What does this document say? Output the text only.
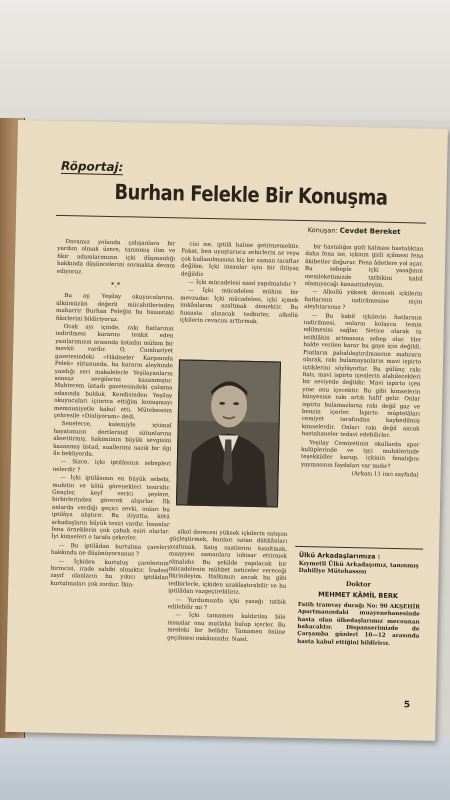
Röportaj:
Burhan Felekle Bir Konuşma
Konuşan: Cevdet Bereket

Davamız yolunda çalışanlara bir yardım olmak üzere, tanınmış ilim ve fikir adamlarımızın içki düşmanlığı hakkında düşüncelerini sormakta devam ediyoruz.

*.*

Bu ay, Yeşilay okuyucularına, ülkümüzün değerli mücahitlerinden muharrir Burhan Feleğin bu husustaki fikirlerini bildiriyoruz.

Ocak ayı içinde, rakı fiatlarının indirilmesi kararını tenkit eden yazılarımızın arasında üstadın mühim bir mevkii vardır. O, Cumhuriyet gazetesindeki «Hâdiseler Karşısında Felek» sütununda, bu kararın aleyhinde yazdığı seri makalelerle Yeşilayanların sonsuz sevgilerini kazanmıştır. Muhterem üstadı gazetesindeki çalışma odasında bulduk. Kendisinden Yeşilay okuyucuları içinrica ettiğim konuşmayı memnuniyetle kabul etti. Mütebessim çehresile «Dinliyorum» dedi.

Senelerce, kalemiyle içtimaî hayatımızın dertlerinid sütunlarına aksettirmiş, hakimiinin büyük sevgisini kazanmış üstad, suallerimi nazik bir ilgi ile bekliyordu.

— Sizce, içki iptilâsının sebepleri nelerdir ?

— İçki iptilâsının en büyük sebebi, muhitin ve kötü görenekleri tesiridir. Gençler, keyf verici şeylere, birbirlerinden görerek alışırlar. İlk anlarda verdiği geçici zevki, onları bu iptilâya alıştırır. Bu itiyatta, kötü arkadaşların büyük tesiri vardır. İnsanlar fena örneklerin çok çabuk esiri olurlar. İyi kimseleri o tarafa çekerler.

— Bu iptilâdan kurtulma çareleri hakkında ne düşünüyorsunuz ?

— İçkiden kurtuluş çarelerinin birincisi, irade sahibi olmaktır. İradesi zayıf olanların bu yıkıcı iptilâdan kurtulmaları çok zordur. İkin-

cisi ise, iptilâ haline getirmemektir. Fakat, ben uyuşturucu zehirlerin az veya çok kullanılmasına hiç bir zaman taraftar değilim. İçki insanlar için bir ihtiyaç değildir.

— İçki mücadelesi nasıl yapılmalıdır ?

— İçki mücadelesi mühim bir mevzudur. İçki mücadelesi, içki içmek imkânlarını azaltmak demektir. Bu hususta alınacak tedbirler, alkollü içkilerin revacını arttırmak,

alkol derecesi yüksek içkilerin satışını güçleştirmek, bunları satan dükkânları azaltmak. Satış saatlerini kısaltmak, muayyen zamanlara inhisar ettirmek olmalıdır. Bu şekilde yapılacak bir mücadelenin mühbet neticeler vereceği fikrindeyim. Halkımızı ancak bu gibi tedbirlerle, içkiden uzaklaştırabilir ve bu iptilâdan vazgeçirebiliriz.

— Yurdumuzda içki yasağı tatbik edilebilir mi ?

— İçki tamamen kaldırılsa bile insanlar onu mutlaka bulup içerler. Bu mesleki bir belâdır. Tamamen önüne geçilmesi imkânsızdır. Nasıl,

bir hastalığın gizli kalması hastalıktan daha fena ise, içkinin gizli içilmesi fena âkibetler doğurur. Fena âdetlere yol açar. Bu sebeple içki yasağının memleketimizde tatbikini kabil olamıyacağı kanaatindeyim.

— Alkollü yüksek dereceli içkilerin fiatlarının indirilmesine niçin aleyhtarsınız ?

— Bu kabil içkilerin fiatlarının indirilmesi, onların kolayca temin edilmesini sağlar. Netice olarak ta istihlâkin artmasına sebep olur. Her halde verilen karar bu gaye için değildi. Fiatların pahalılaştırılmasının mahzuru olarak, rakı bulamayanların mavi ispirto içtiklerini söylüyorlar. Bu gülünç rakı fiatı, mavi ispirto içenlerin alabilecekleri bir seviyede değildir. Mavi ispirto içen yine onu içecektir. Bu gibi kimselerin bünyesine rakı artık hafif gelir. Onlar ispirto bulamazlarsa rakı değil gaz ve benzin içerler. İspirto müptelâları cemiyet tarafından kaybedilmiş kimselerdir. Onları rakı değil ancak hastahaneler tedavi edebilirler.

Yeşilay Cemiyetinin okullarda spor kulüplerinde ve işçi muhitlerinde teşekküller kurup, içkinin fenalığını yaymasının faydaları var mıdır?

(Arkası 11 inci sayfada)
Ülkü Arkadaşlarımıza :
Kıymetli Ülkü Arkadaşımız, tanınmış Dahiliye Mütehassısı
Doktor
MEHMET KÂMİL BERK
Fatih tramvay durağı No: 90 AKŞEHİR Apartmanındaki muayenehanesinde hasta olan ülkedaşlarımız mecounan bakacaktır. Dispanserimizde de Çarşamba günleri 10—12 arasında hasta kabul ettiğini bildirirız.
5
